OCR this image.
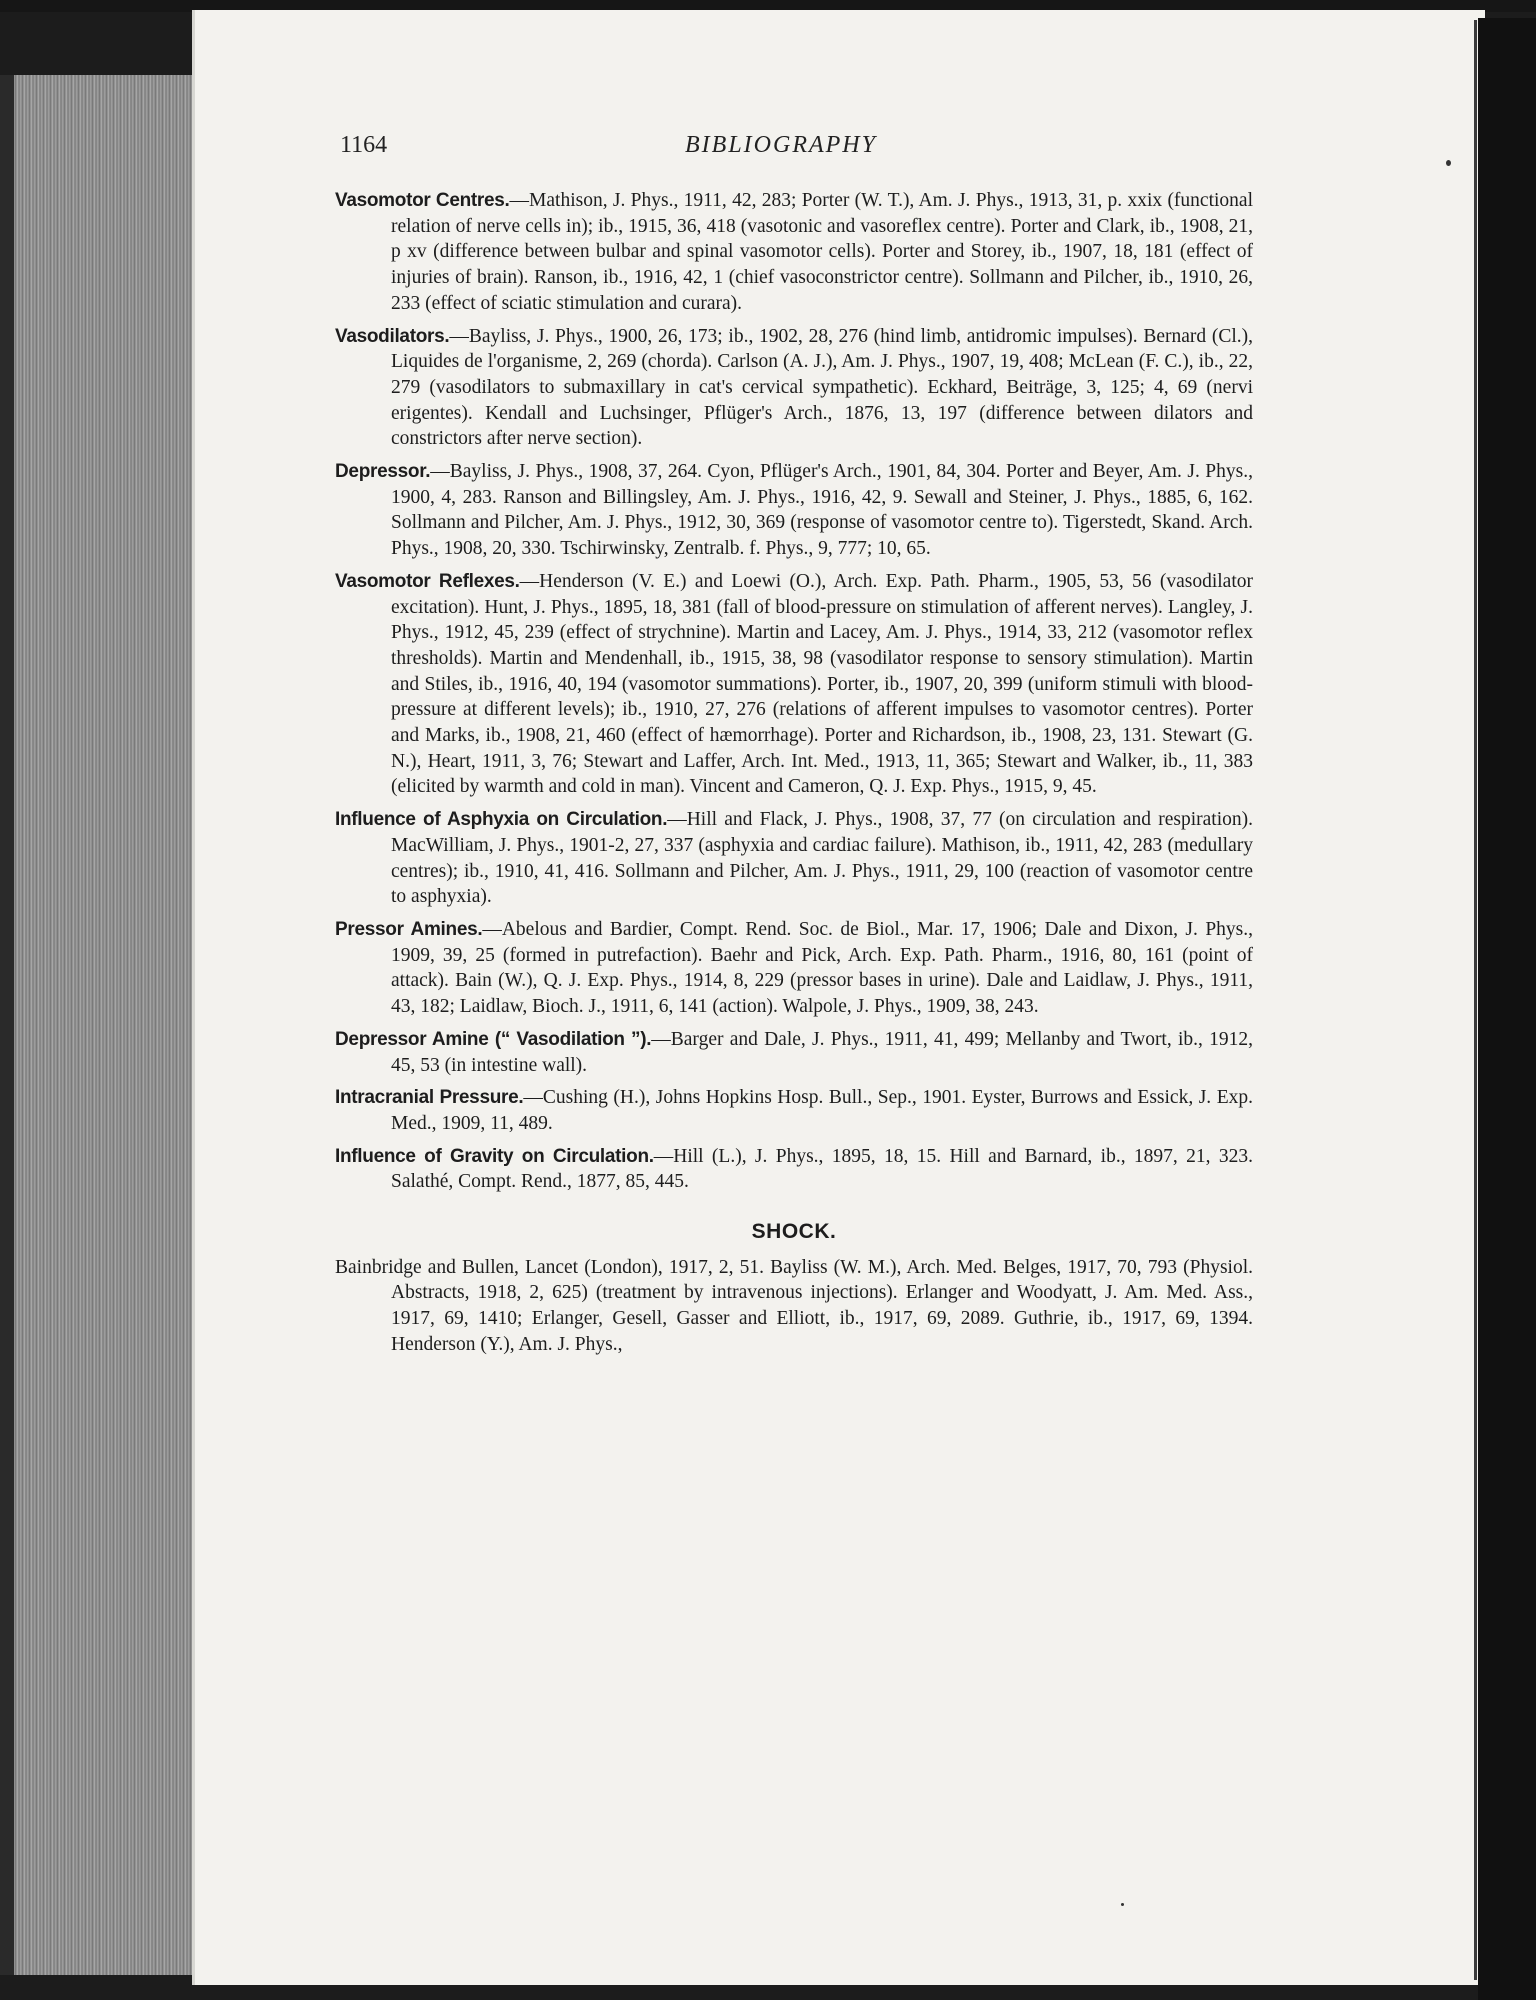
1164	BIBLIOGRAPHY

Vasomotor Centres.—Mathison, J. Phys., 1911, 42, 283; Porter (W. T.), Am. J. Phys., 1913, 31, p. xxix (functional relation of nerve cells in); ib., 1915, 36, 418 (vasotonic and vasoreflex centre). Porter and Clark, ib., 1908, 21, p xv (difference between bulbar and spinal vasomotor cells). Porter and Storey, ib., 1907, 18, 181 (effect of injuries of brain). Ranson, ib., 1916, 42, 1 (chief vasoconstrictor centre). Sollmann and Pilcher, ib., 1910, 26, 233 (effect of sciatic stimulation and curara).

Vasodilators.—Bayliss, J. Phys., 1900, 26, 173; ib., 1902, 28, 276 (hind limb, antidromic impulses). Bernard (Cl.), Liquides de l'organisme, 2, 269 (chorda). Carlson (A. J.), Am. J. Phys., 1907, 19, 408; McLean (F. C.), ib., 22, 279 (vasodilators to submaxillary in cat's cervical sympathetic). Eckhard, Beiträge, 3, 125; 4, 69 (nervi erigentes). Kendall and Luchsinger, Pflüger's Arch., 1876, 13, 197 (difference between dilators and constrictors after nerve section).

Depressor.—Bayliss, J. Phys., 1908, 37, 264. Cyon, Pflüger's Arch., 1901, 84, 304. Porter and Beyer, Am. J. Phys., 1900, 4, 283. Ranson and Billingsley, Am. J. Phys., 1916, 42, 9. Sewall and Steiner, J. Phys., 1885, 6, 162. Sollmann and Pilcher, Am. J. Phys., 1912, 30, 369 (response of vasomotor centre to). Tigerstedt, Skand. Arch. Phys., 1908, 20, 330. Tschirwinsky, Zentralb. f. Phys., 9, 777; 10, 65.

Vasomotor Reflexes.—Henderson (V. E.) and Loewi (O.), Arch. Exp. Path. Pharm., 1905, 53, 56 (vasodilator excitation). Hunt, J. Phys., 1895, 18, 381 (fall of blood-pressure on stimulation of afferent nerves). Langley, J. Phys., 1912, 45, 239 (effect of strychnine). Martin and Lacey, Am. J. Phys., 1914, 33, 212 (vasomotor reflex thresholds). Martin and Mendenhall, ib., 1915, 38, 98 (vasodilator response to sensory stimulation). Martin and Stiles, ib., 1916, 40, 194 (vasomotor summations). Porter, ib., 1907, 20, 399 (uniform stimuli with blood-pressure at different levels); ib., 1910, 27, 276 (relations of afferent impulses to vasomotor centres). Porter and Marks, ib., 1908, 21, 460 (effect of hæmorrhage). Porter and Richardson, ib., 1908, 23, 131. Stewart (G. N.), Heart, 1911, 3, 76; Stewart and Laffer, Arch. Int. Med., 1913, 11, 365; Stewart and Walker, ib., 11, 383 (elicited by warmth and cold in man). Vincent and Cameron, Q. J. Exp. Phys., 1915, 9, 45.

Influence of Asphyxia on Circulation.—Hill and Flack, J. Phys., 1908, 37, 77 (on circulation and respiration). MacWilliam, J. Phys., 1901-2, 27, 337 (asphyxia and cardiac failure). Mathison, ib., 1911, 42, 283 (medullary centres); ib., 1910, 41, 416. Sollmann and Pilcher, Am. J. Phys., 1911, 29, 100 (reaction of vasomotor centre to asphyxia).

Pressor Amines.—Abelous and Bardier, Compt. Rend. Soc. de Biol., Mar. 17, 1906; Dale and Dixon, J. Phys., 1909, 39, 25 (formed in putrefaction). Baehr and Pick, Arch. Exp. Path. Pharm., 1916, 80, 161 (point of attack). Bain (W.), Q. J. Exp. Phys., 1914, 8, 229 (pressor bases in urine). Dale and Laidlaw, J. Phys., 1911, 43, 182; Laidlaw, Bioch. J., 1911, 6, 141 (action). Walpole, J. Phys., 1909, 38, 243.

Depressor Amine (“ Vasodilation ”).—Barger and Dale, J. Phys., 1911, 41, 499; Mellanby and Twort, ib., 1912, 45, 53 (in intestine wall).

Intracranial Pressure.—Cushing (H.), Johns Hopkins Hosp. Bull., Sep., 1901. Eyster, Burrows and Essick, J. Exp. Med., 1909, 11, 489.

Influence of Gravity on Circulation.—Hill (L.), J. Phys., 1895, 18, 15. Hill and Barnard, ib., 1897, 21, 323. Salathé, Compt. Rend., 1877, 85, 445.

SHOCK.

Bainbridge and Bullen, Lancet (London), 1917, 2, 51. Bayliss (W. M.), Arch. Med. Belges, 1917, 70, 793 (Physiol. Abstracts, 1918, 2, 625) (treatment by intravenous injections). Erlanger and Woodyatt, J. Am. Med. Ass., 1917, 69, 1410; Erlanger, Gesell, Gasser and Elliott, ib., 1917, 69, 2089. Guthrie, ib., 1917, 69, 1394. Henderson (Y.), Am. J. Phys.,
